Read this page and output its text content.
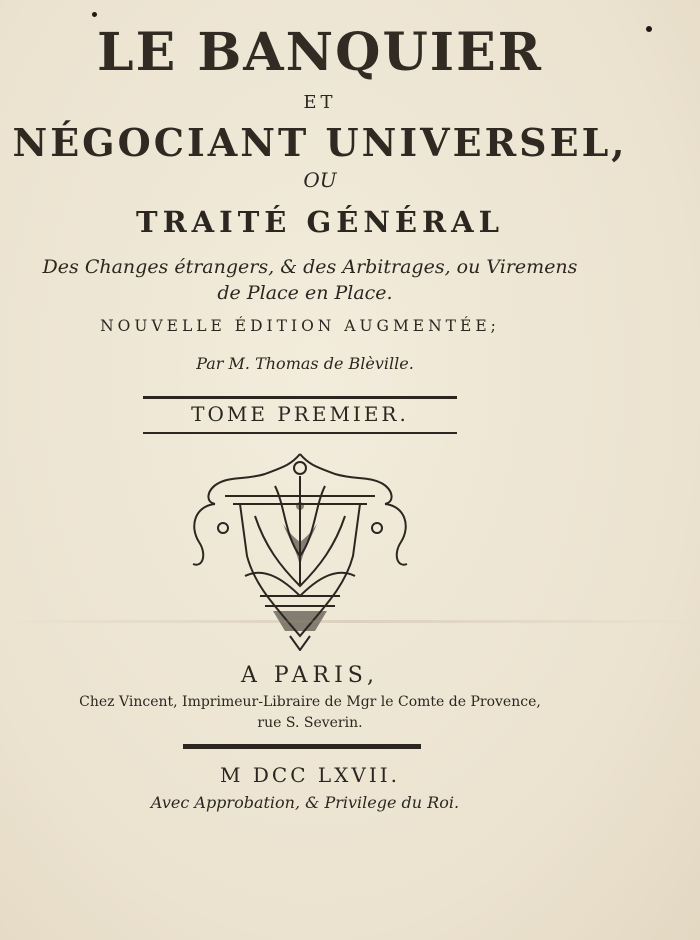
LE BANQUIER
ET
NÉGOCIANT UNIVERSEL,
OU
TRAITÉ GÉNÉRAL
Des Changes étrangers, & des Arbitrages, ou Viremens
de Place en Place.
NOUVELLE ÉDITION AUGMENTÉE;
Par M. Thomas de Blèville.
TOME PREMIER.
A PARIS,
Chez Vincent, Imprimeur-Libraire de Mgr le Comte de Provence,
rue S. Severin.
M DCC LXVII.
Avec Approbation, & Privilege du Roi.
